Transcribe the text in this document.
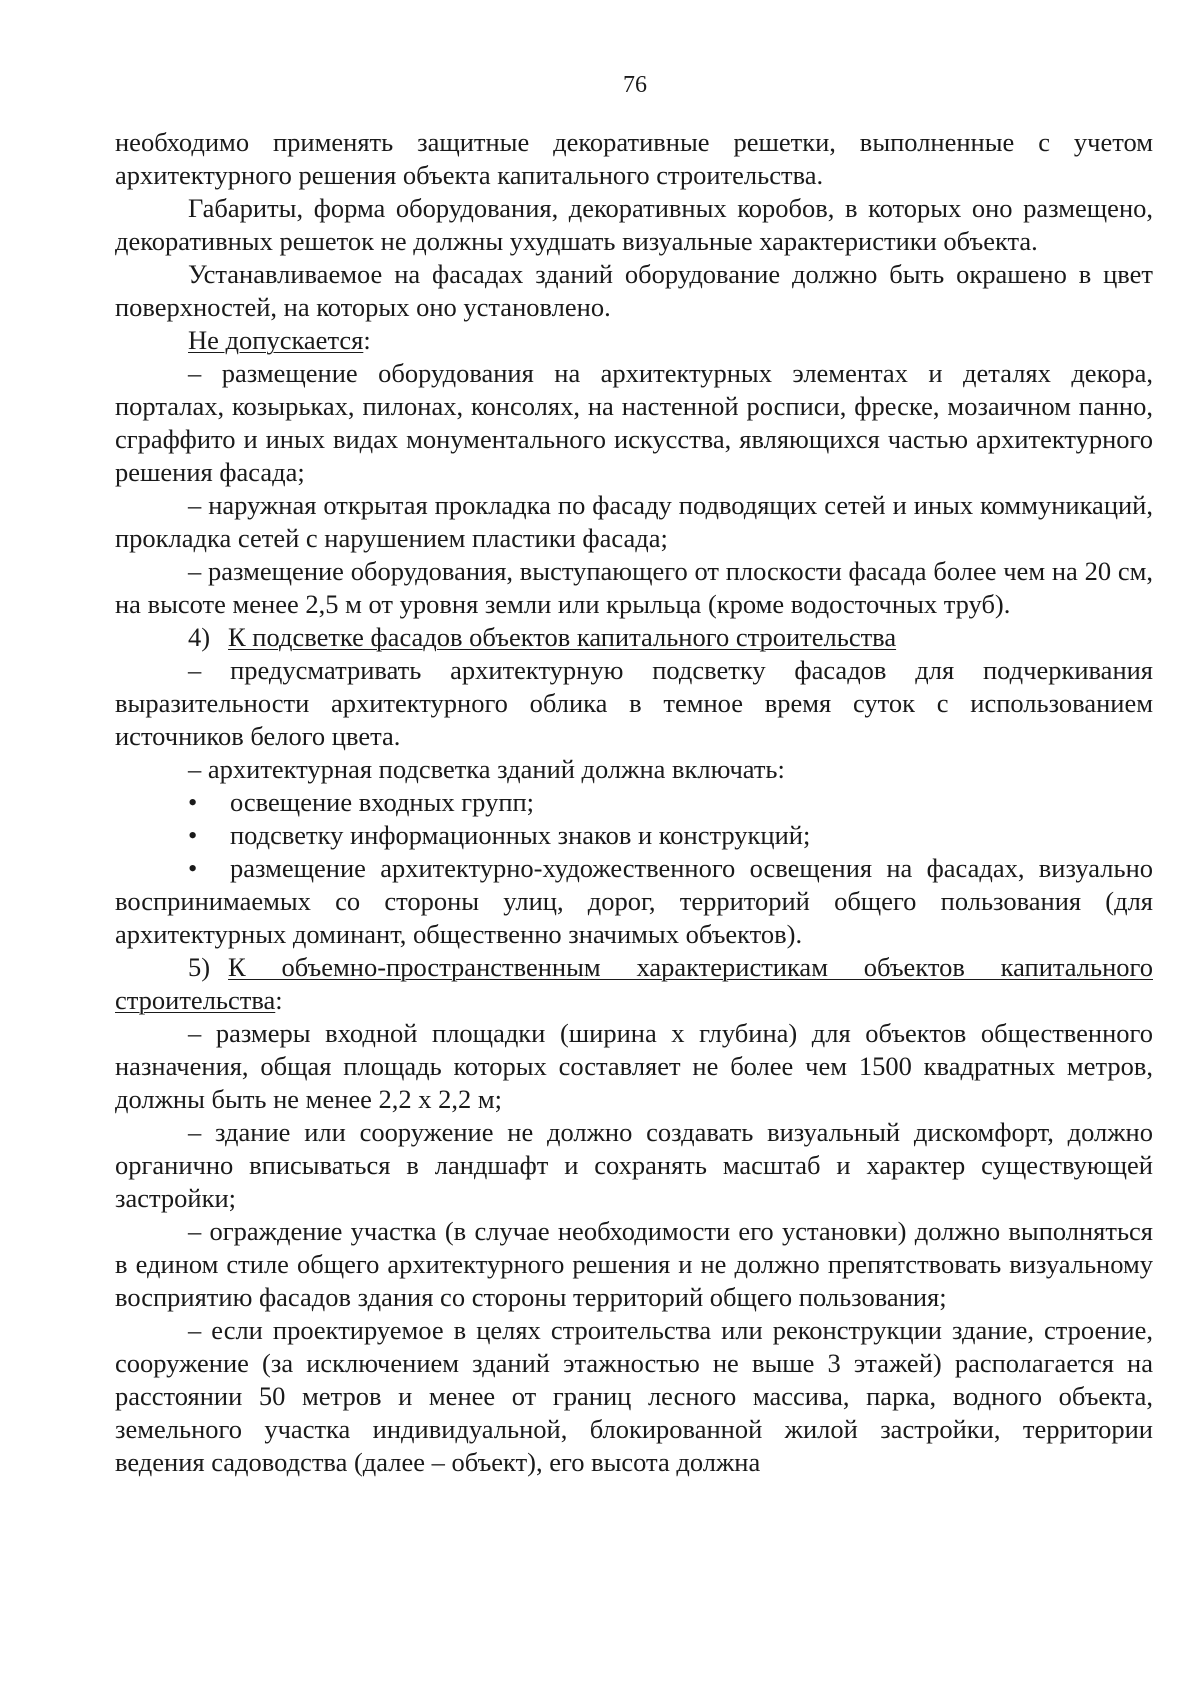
76

необходимо применять защитные декоративные решетки, выполненные с учетом архитектурного решения объекта капитального строительства.

Габариты, форма оборудования, декоративных коробов, в которых оно размещено, декоративных решеток не должны ухудшать визуальные характеристики объекта.

Устанавливаемое на фасадах зданий оборудование должно быть окрашено в цвет поверхностей, на которых оно установлено.

Не допускается:

– размещение оборудования на архитектурных элементах и деталях декора, порталах, козырьках, пилонах, консолях, на настенной росписи, фреске, мозаичном панно, сграффито и иных видах монументального искусства, являющихся частью архитектурного решения фасада;

– наружная открытая прокладка по фасаду подводящих сетей и иных коммуникаций, прокладка сетей с нарушением пластики фасада;

– размещение оборудования, выступающего от плоскости фасада более чем на 20 см, на высоте менее 2,5 м от уровня земли или крыльца (кроме водосточных труб).

4) К подсветке фасадов объектов капитального строительства

– предусматривать архитектурную подсветку фасадов для подчеркивания выразительности архитектурного облика в темное время суток с использованием источников белого цвета.

– архитектурная подсветка зданий должна включать:

• освещение входных групп;

• подсветку информационных знаков и конструкций;

• размещение архитектурно-художественного освещения на фасадах, визуально воспринимаемых со стороны улиц, дорог, территорий общего пользования (для архитектурных доминант, общественно значимых объектов).

5) К объемно-пространственным характеристикам объектов капитального строительства:

– размеры входной площадки (ширина х глубина) для объектов общественного назначения, общая площадь которых составляет не более чем 1500 квадратных метров, должны быть не менее 2,2 х 2,2 м;

– здание или сооружение не должно создавать визуальный дискомфорт, должно органично вписываться в ландшафт и сохранять масштаб и характер существующей застройки;

– ограждение участка (в случае необходимости его установки) должно выполняться в едином стиле общего архитектурного решения и не должно препятствовать визуальному восприятию фасадов здания со стороны территорий общего пользования;

– если проектируемое в целях строительства или реконструкции здание, строение, сооружение (за исключением зданий этажностью не выше 3 этажей) располагается на расстоянии 50 метров и менее от границ лесного массива, парка, водного объекта, земельного участка индивидуальной, блокированной жилой застройки, территории ведения садоводства (далее – объект), его высота должна
